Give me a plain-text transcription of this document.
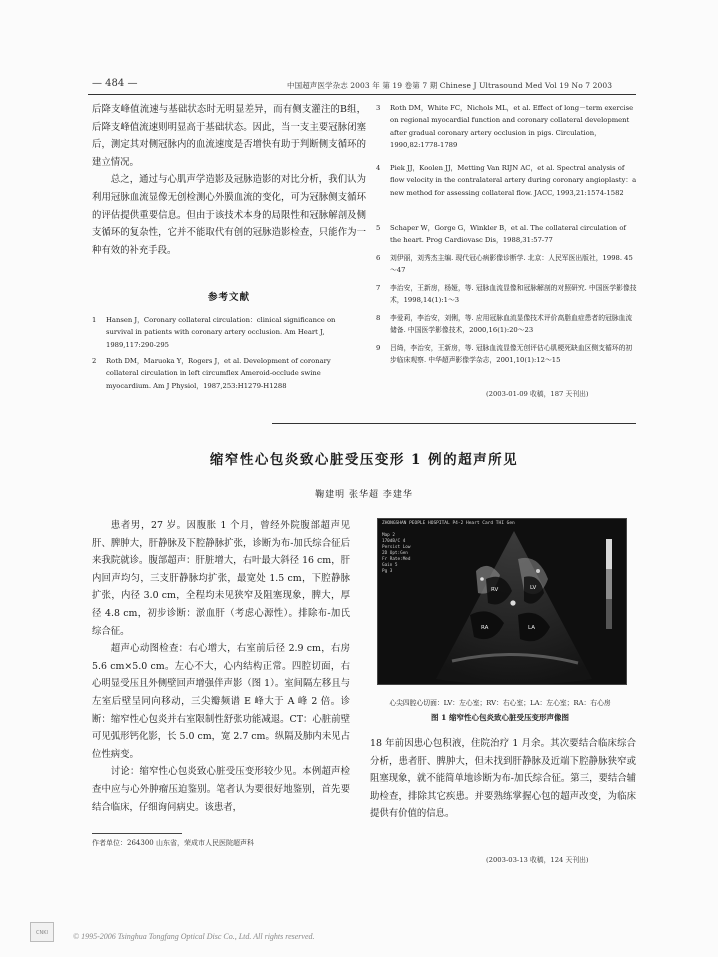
— 484 —	中国超声医学杂志 2003 年 第 19 卷第 7 期 Chinese J Ultrasound Med Vol 19 No 7 2003

后降支峰值流速与基础状态时无明显差异，而有侧支灌注的B组，后降支峰值流速则明显高于基础状态。因此，当一支主要冠脉闭塞后，测定其对侧冠脉内的血流速度是否增快有助于判断侧支循环的建立情况。

总之，通过与心肌声学造影及冠脉造影的对比分析，我们认为利用冠脉血流显像无创检测心外膜血流的变化，可为冠脉侧支循环的评估提供重要信息。但由于该技术本身的局限性和冠脉解剖及侧支循环的复杂性，它并不能取代有创的冠脉造影检查，只能作为一种有效的补充手段。

参考文献
1	Hansen J，Coronary collateral circulation：clinical significance on survival in patients with coronary artery occlusion. Am Heart J, 1989,117:290-295
2	Roth DM，Maruoka Y，Rogers J，et al. Development of coronary collateral circulation in left circumflex Ameroid-occlude swine myocardium. Am J Physiol，1987,253:H1279-H1288
3	Roth DM，White FC，Nichols ML，et al. Effect of long－term exercise on regional myocardial function and coronary collateral development after gradual coronary artery occlusion in pigs. Circulation，1990,82:1778-1789
4	Piek JJ，Koolen JJ，Metting Van RIJN AC，et al. Spectral analysis of flow velocity in the contralateral artery during coronary angioplasty：a new method for assessing collateral flow. JACC, 1993,21:1574-1582
5	Schaper W，Gorge G，Winkler B，et al. The collateral circulation of the heart. Prog Cardiovasc Dis，1988,31:57-77
6	刘伊丽，刘秀杰主编. 现代冠心病影像诊断学. 北京：人民军医出版社，1998. 45～47
7	李治安，王新房，杨娅，等. 冠脉血流显像和冠脉解剖的对照研究. 中国医学影像技术，1998,14(1):1～3
8	李爱莉，李治安，刘俐，等. 应用冠脉血流显像技术评价高脂血症患者的冠脉血流储备. 中国医学影像技术，2000,16(1):20～23
9	吕绮，李治安，王新房，等. 冠脉血流显像无创评估心肌梗死缺血区侧支循环的初步临床观察. 中华超声影像学杂志，2001,10(1):12～15
(2003-01-09 收稿，187 天刊出)
缩窄性心包炎致心脏受压变形 1 例的超声所见
鞠建明 张华超 李建华

患者男，27 岁。因腹胀 1 个月，曾经外院腹部超声见肝、脾肿大，肝静脉及下腔静脉扩张，诊断为布-加氏综合征后来我院就诊。腹部超声：肝脏增大，右叶最大斜径 16 cm，肝内回声均匀，三支肝静脉均扩张，最宽处 1.5 cm，下腔静脉扩张，内径 3.0 cm，全程均未见狭窄及阻塞现象，脾大，厚径 4.8 cm，初步诊断：淤血肝（考虑心源性）。排除布-加氏综合征。

超声心动图检查：右心增大，右室前后径 2.9 cm，右房 5.6 cm×5.0 cm。左心不大，心内结构正常。四腔切面，右心明显受压且外侧壁回声增强伴声影（图 1）。室间隔左移且与左室后壁呈同向移动，三尖瓣频谱 E 峰大于 A 峰 2 倍。诊断：缩窄性心包炎并右室限制性舒张功能减退。CT：心脏前壁可见弧形钙化影，长 5.0 cm，宽 2.7 cm。纵隔及肺内未见占位性病变。

讨论：缩窄性心包炎致心脏受压变形较少见。本例超声检查中应与心外肿瘤压迫鉴别。笔者认为要很好地鉴别，首先要结合临床，仔细询问病史。该患者，

ZHONGSHAN PEOPLE HOSPITAL P4-2 Heart Card THI Gen
Map 2
170dB/C 4
Persist Low
2D Opt:Gen
Fr Rate:Med
Gain 5
Pg 3
LV
RV
LA
RA
心尖四腔心切面：LV：左心室；RV：右心室；LA：左心室；RA：右心房
图 1 缩窄性心包炎致心脏受压变形声像图

18 年前因患心包积液，住院治疗 1 月余。其次要结合临床综合分析，患者肝、脾肿大，但未找到肝静脉及近端下腔静脉狭窄或阻塞现象，就不能简单地诊断为布-加氏综合征。第三，要结合辅助检查，排除其它疾患。并要熟练掌握心包的超声改变，为临床提供有价值的信息。

作者单位：264300 山东省，荣成市人民医院超声科
(2003-03-13 收稿，124 天刊出)
CNKI	© 1995-2006 Tsinghua Tongfang Optical Disc Co., Ltd. All rights reserved.
